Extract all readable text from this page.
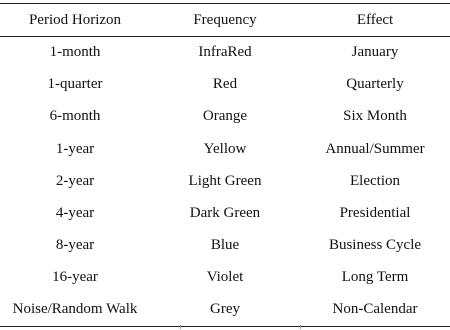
Period Horizon	Frequency	Effect
1-month	InfraRed	January
1-quarter	Red	Quarterly
6-month	Orange	Six Month
1-year	Yellow	Annual/Summer
2-year	Light Green	Election
4-year	Dark Green	Presidential
8-year	Blue	Business Cycle
16-year	Violet	Long Term
Noise/Random Walk	Grey	Non-Calendar
